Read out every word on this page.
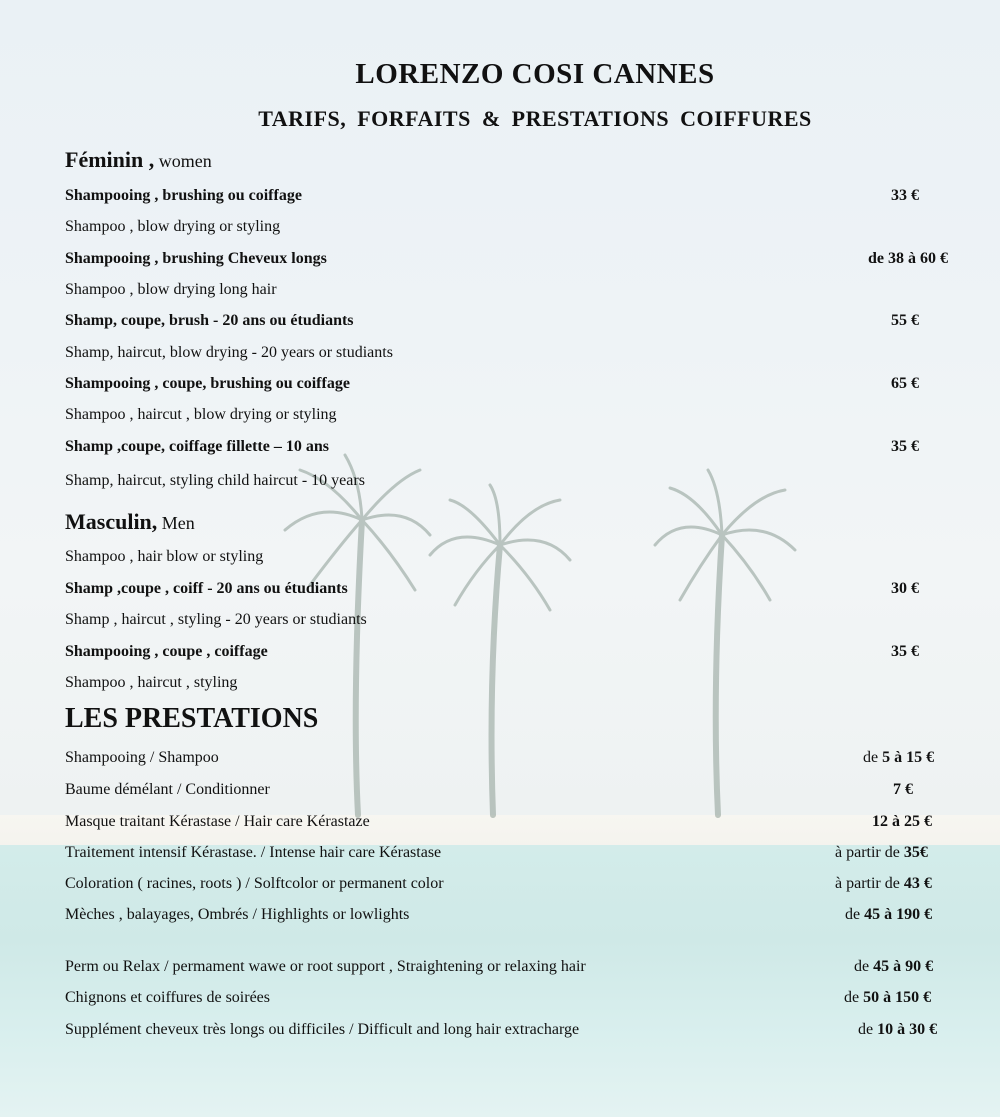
LORENZO COSI CANNES
TARIFS, FORFAITS & PRESTATIONS COIFFURES
Féminin , women
Shampooing , brushing ou coiffage	33 €
Shampoo , blow drying or styling
Shampooing , brushing Cheveux longs	de 38 à 60 €
Shampoo , blow drying long hair
Shamp, coupe, brush - 20 ans ou étudiants	55 €
Shamp, haircut, blow drying - 20 years or studiants
Shampooing , coupe, brushing ou coiffage	65 €
Shampoo , haircut , blow drying or styling
Shamp ,coupe, coiffage fillette – 10 ans	35 €
Shamp, haircut, styling child haircut - 10 years
Masculin, Men
Shampoo , hair blow or styling
Shamp ,coupe , coiff - 20 ans ou étudiants	30 €
Shamp , haircut , styling - 20 years or studiants
Shampooing , coupe , coiffage	35 €
Shampoo , haircut , styling
LES PRESTATIONS
Shampooing / Shampoo	de 5 à 15 €
Baume démélant / Conditionner	7 €
Masque traitant Kérastase / Hair care Kérastaze	12 à 25 €
Traitement intensif Kérastase. / Intense hair care Kérastase	à partir de 35€
Coloration ( racines, roots ) / Solftcolor or permanent color	à partir de 43 €
Mèches , balayages, Ombrés / Highlights or lowlights	de 45 à 190 €
Perm ou Relax / permament wawe or root support , Straightening or relaxing hair	de 45 à 90 €
Chignons et coiffures de soirées	de 50 à 150 €
Supplément cheveux très longs ou difficiles / Difficult and long hair extracharge	de 10 à 30 €
